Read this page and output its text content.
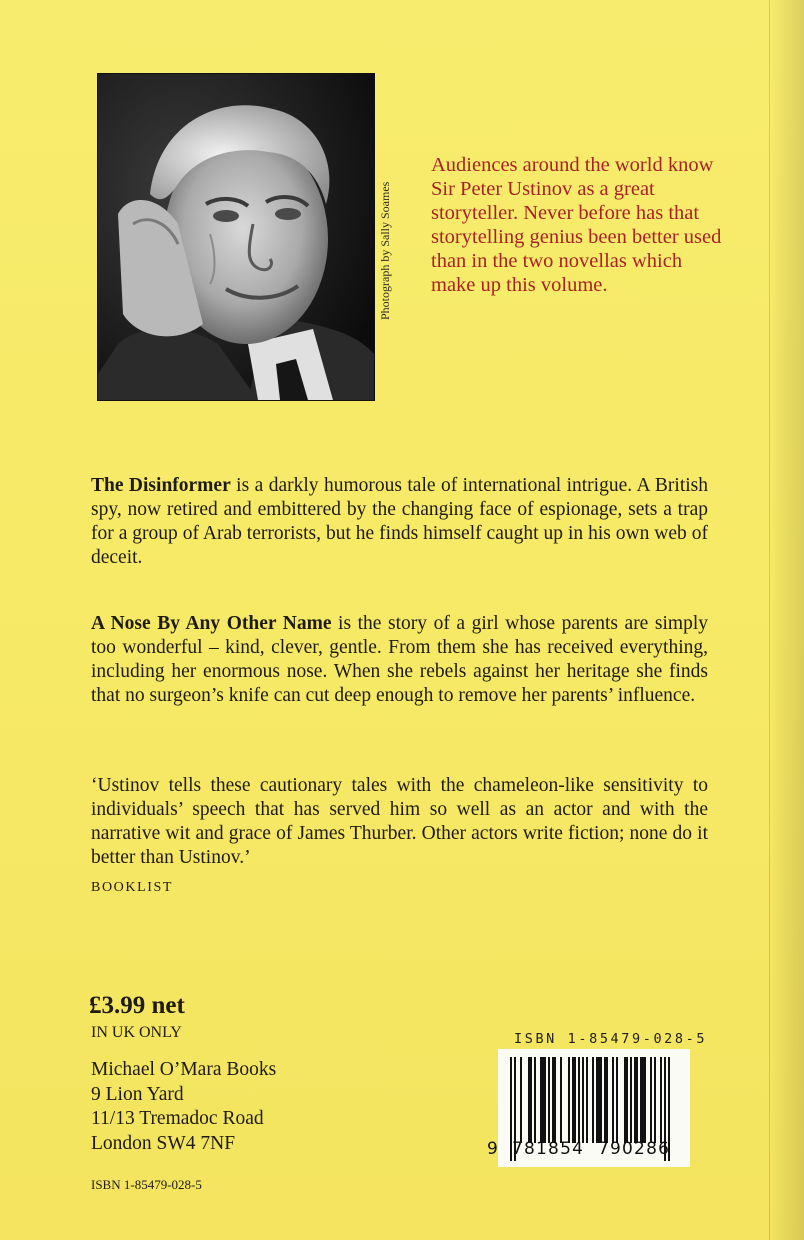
Photograph by Sally Soames
Audiences around the world know Sir Peter Ustinov as a great storyteller. Never before has that storytelling genius been better used than in the two novellas which make up this volume.
The Disinformer is a darkly humorous tale of international intrigue. A British spy, now retired and embittered by the changing face of espionage, sets a trap for a group of Arab terrorists, but he finds himself caught up in his own web of deceit.
A Nose By Any Other Name is the story of a girl whose parents are simply too wonderful – kind, clever, gentle. From them she has received everything, including her enormous nose. When she rebels against her heritage she finds that no surgeon’s knife can cut deep enough to remove her parents’ influence.
‘Ustinov tells these cautionary tales with the chameleon-like sensitivity to individuals’ speech that has served him so well as an actor and with the narrative wit and grace of James Thurber. Other actors write fiction; none do it better than Ustinov.’
BOOKLIST
£3.99 net
IN UK ONLY
Michael O’Mara Books
9 Lion Yard
11/13 Tremadoc Road
London SW4 7NF
ISBN 1-85479-028-5
ISBN 1-85479-028-5
9 781854 790286
